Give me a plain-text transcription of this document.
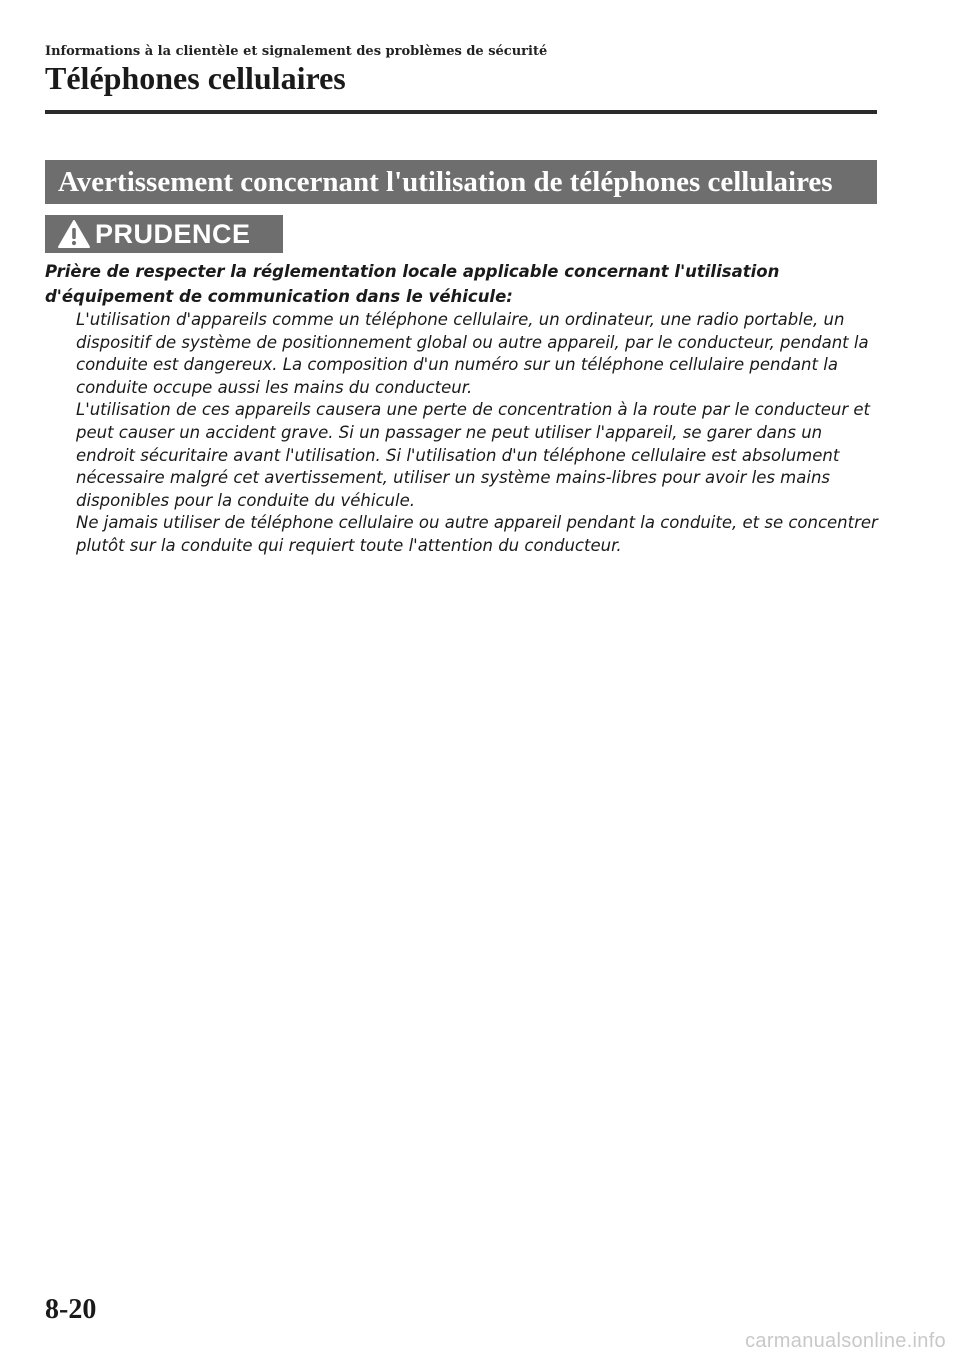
Informations à la clientèle et signalement des problèmes de sécurité
Téléphones cellulaires
Avertissement concernant l'utilisation de téléphones cellulaires
PRUDENCE
Prière de respecter la réglementation locale applicable concernant l'utilisation d'équipement de communication dans le véhicule:

L'utilisation d'appareils comme un téléphone cellulaire, un ordinateur, une radio portable, un dispositif de système de positionnement global ou autre appareil, par le conducteur, pendant la conduite est dangereux. La composition d'un numéro sur un téléphone cellulaire pendant la conduite occupe aussi les mains du conducteur.

L'utilisation de ces appareils causera une perte de concentration à la route par le conducteur et peut causer un accident grave. Si un passager ne peut utiliser l'appareil, se garer dans un endroit sécuritaire avant l'utilisation. Si l'utilisation d'un téléphone cellulaire est absolument nécessaire malgré cet avertissement, utiliser un système mains-libres pour avoir les mains disponibles pour la conduite du véhicule.

Ne jamais utiliser de téléphone cellulaire ou autre appareil pendant la conduite, et se concentrer plutôt sur la conduite qui requiert toute l'attention du conducteur.

8-20
carmanualsonline.info
